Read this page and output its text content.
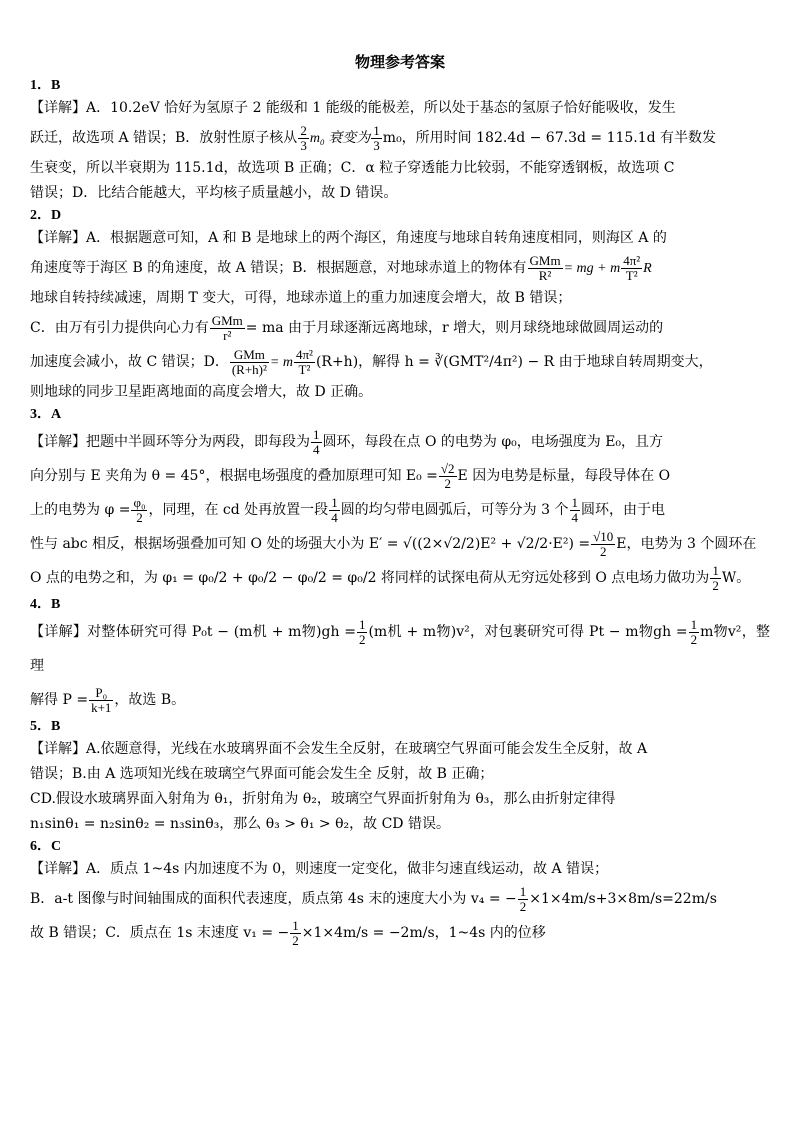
物理参考答案
1．B

【详解】A．10.2eV 恰好为氢原子 2 能级和 1 能级的能极差，所以处于基态的氢原子恰好能吸收，发生

跃迁，故选项 A 错误；B．放射性原子核从 $\frac{2}{3} m_0$ 衰变为 $\frac{1}{3} m_0$，所用时间 182.4d − 67.3d = 115.1d 有半数发

生衰变，所以半衰期为 115.1d，故选项 B 正确；C．α 粒子穿透能力比较弱，不能穿透钢板，故选项 C

错误；D．比结合能越大，平均核子质量越小，故 D 错误。

2．D

【详解】A．根据题意可知，A 和 B 是地球上的两个海区，角速度与地球自转角速度相同，则海区 A 的

角速度等于海区 B 的角速度，故 A 错误；B．根据题意，对地球赤道上的物体有 $\frac{\text{GMm}}{\text{R²}}$ = mg + m $\frac{\text{4π²}}{\text{T²}}$ R

地球自转持续减速，周期 T 变大，可得，地球赤道上的重力加速度会增大，故 B 错误；

C．由万有引力提供向心力有 $\frac{\text{GMm}}{\text{r²}}$ = ma 由于月球逐渐远离地球，r 增大，则月球绕地球做圆周运动的

加速度会减小，故 C 错误；D． $\frac{\text{GMm}}{\text{(R+h)²}} = m \frac{\text{4π²}}{\text{T²}} (R+h)$，解得 h = ∛(GMT²/4π²) − R 由于地球自转周期变大，

则地球的同步卫星距离地面的高度会增大，故 D 正确。

3．A

【详解】把题中半圆环等分为两段，即每段为 $\frac{1}{4}$ 圆环，每段在点 O 的电势为 φ₀，电场强度为 E₀，且方

向分别与 E 夹角为 θ = 45°，根据电场强度的叠加原理可知 $E_0 = \frac{√2}{2}$ E 因为电势是标量，每段导体在 O

上的电势为 $\varphi = \frac{\text{φ₀}}{2}$ ，同理，在 cd 处再放置一段 $\frac{1}{4}$ 圆的均匀带电圆弧后，可等分为 3 个 $\frac{1}{4}$ 圆环，由于电

性与 abc 相反，根据场强叠加可知 O 处的场强大小为 $E' = √((2\times√2/2)E^2 + √2/2\cdot E^2) = \frac{√10}{2}$ E，电势为 3 个圆环在

O 点的电势之和，为 φ₁ = φ₀/2 + φ₀/2 − φ₀/2 = φ₀/2 将同样的试探电荷从无穷远处移到 O 点电场力做功为 $\frac{1}{2}$ W。

4．B

【详解】对整体研究可得 P₀t − (m机 + m物)$gh = \frac{1}{2} (m$机 + m物)v²，对包裹研究可得 Pt − m物gh = $\frac{1}{2}$ m物v²，整理

解得 $P = \frac{\text{P₀}}{k+1}$ ，故选 B。

5．B

【详解】A.依题意得，光线在水玻璃界面不会发生全反射，在玻璃空气界面可能会发生全反射，故 A

错误；B.由 A 选项知光线在玻璃空气界面可能会发生全 反射，故 B 正确；

CD.假设水玻璃界面入射角为 θ₁，折射角为 θ₂，玻璃空气界面折射角为 θ₃，那么由折射定律得

n₁sinθ₁ = n₂sinθ₂ = n₃sinθ₃，那么 θ₃ > θ₁ > θ₂，故 CD 错误。

6．C

【详解】A．质点 1~4s 内加速度不为 0，则速度一定变化，做非匀速直线运动，故 A 错误；

B．a-t 图像与时间轴围成的面积代表速度，质点第 4s 末的速度大小为 v₄ = − $\frac{1}{2} \times 1\times 4m/s+3\times 8m/s=22m/s$

故 B 错误；C．质点在 1s 末速度 v₁ = − $\frac{1}{2} \times 1\times 4m/s = -2m/s$，1~4s 内的位移
